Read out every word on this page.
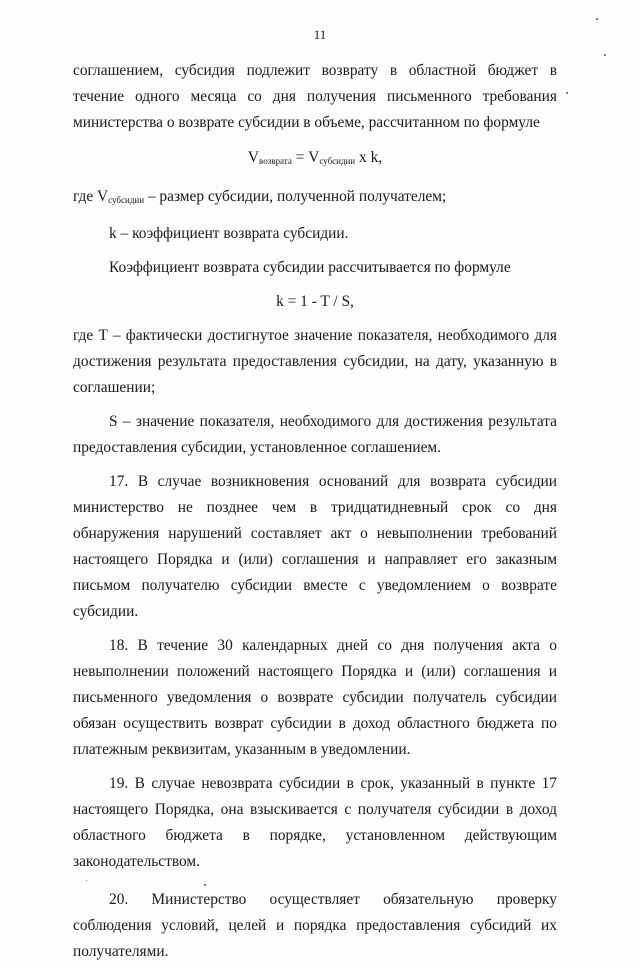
11

соглашением, субсидия подлежит возврату в областной бюджет в течение одного месяца со дня получения письменного требования министерства о возврате субсидии в объеме, рассчитанном по формуле

$V_{возврата} = V_{субсидии}$ x k,

где $V_{субсидии}$ – размер субсидии, полученной получателем;

k – коэффициент возврата субсидии.

Коэффициент возврата субсидии рассчитывается по формуле

k = 1 - T / S,

где T – фактически достигнутое значение показателя, необходимого для достижения результата предоставления субсидии, на дату, указанную в соглашении;

S – значение показателя, необходимого для достижения результата предоставления субсидии, установленное соглашением.

17. В случае возникновения оснований для возврата субсидии министерство не позднее чем в тридцатидневный срок со дня обнаружения нарушений составляет акт о невыполнении требований настоящего Порядка и (или) соглашения и направляет его заказным письмом получателю субсидии вместе с уведомлением о возврате субсидии.

18. В течение 30 календарных дней со дня получения акта о невыполнении положений настоящего Порядка и (или) соглашения и письменного уведомления о возврате субсидии получатель субсидии обязан осуществить возврат субсидии в доход областного бюджета по платежным реквизитам, указанным в уведомлении.

19. В случае невозврата субсидии в срок, указанный в пункте 17 настоящего Порядка, она взыскивается с получателя субсидии в доход областного бюджета в порядке, установленном действующим законодательством.

20. Министерство осуществляет обязательную проверку соблюдения условий, целей и порядка предоставления субсидий их получателями.
